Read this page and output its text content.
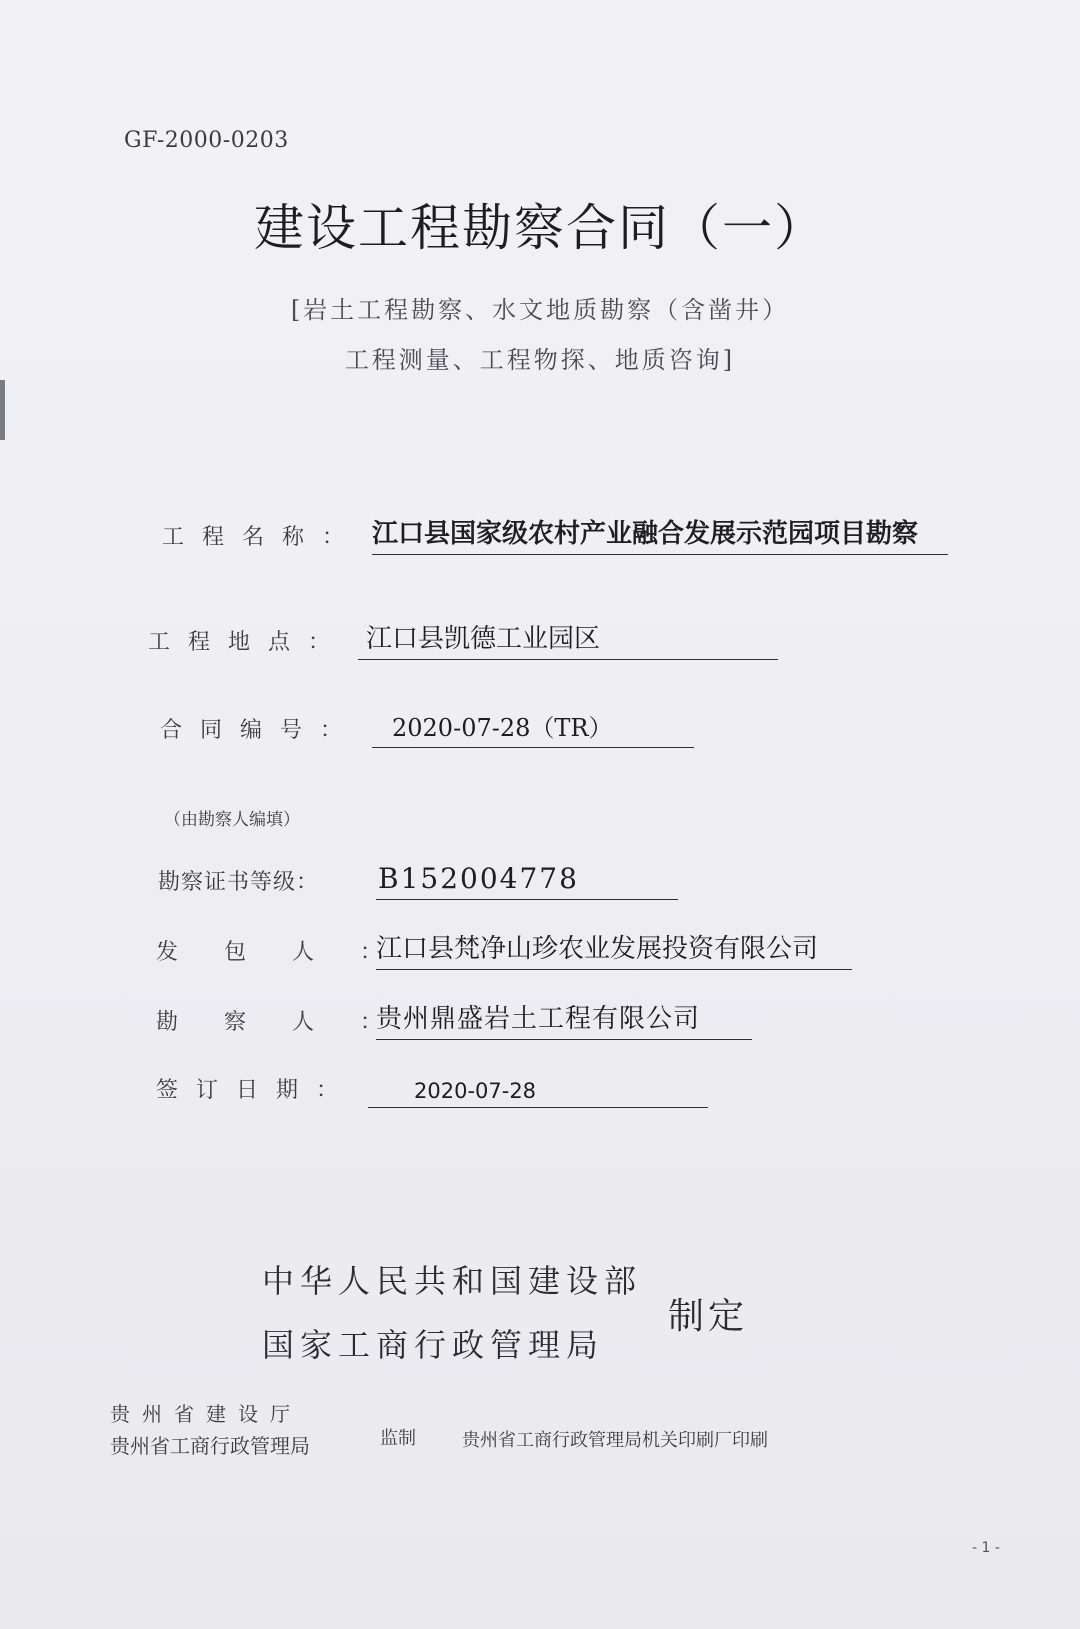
GF-2000-0203
建设工程勘察合同（一）
[岩土工程勘察、水文地质勘察（含凿井）
工程测量、工程物探、地质咨询]
工程名称： 江口县国家级农村产业融合发展示范园项目勘察
工程地点： 江口县凯德工业园区
合同编号： 2020-07-28（TR）
（由勘察人编填）
勘察证书等级： B152004778
发包人：
江口县梵净山珍农业发展投资有限公司
勘察人：
贵州鼎盛岩土工程有限公司
签订日期：	2020-07-28
中华人民共和国建设部
国家工商行政管理局
制定
贵州省建设厅
贵州省工商行政管理局	监制	贵州省工商行政管理局机关印刷厂印刷
- 1 -
